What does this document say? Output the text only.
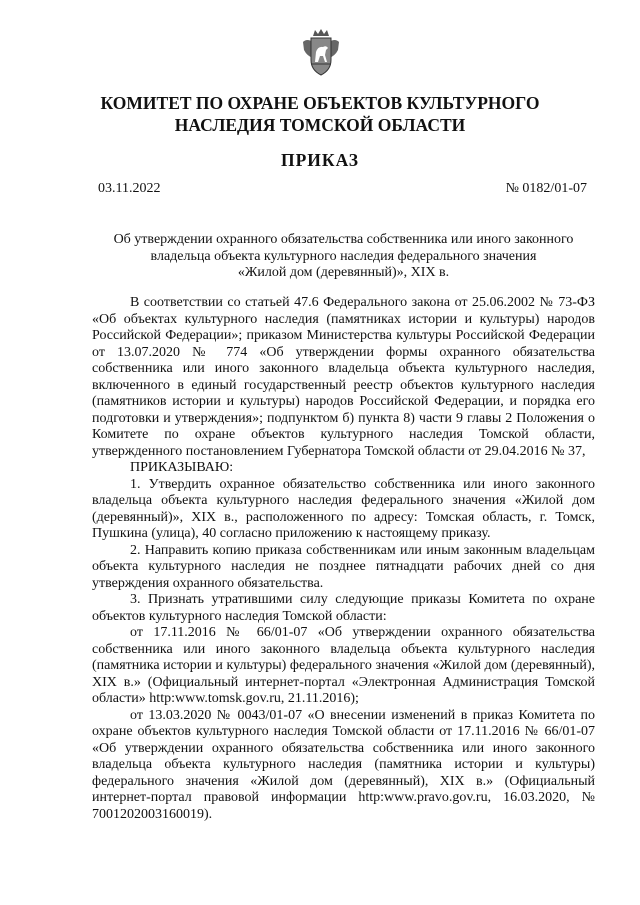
КОМИТЕТ ПО ОХРАНЕ ОБЪЕКТОВ КУЛЬТУРНОГО
НАСЛЕДИЯ ТОМСКОЙ ОБЛАСТИ
ПРИКАЗ
03.11.2022	№ 0182/01-07
Об утверждении охранного обязательства собственника или иного законного
владельца объекта культурного наследия федерального значения
«Жилой дом (деревянный)», XIX в.

В соответствии со статьей 47.6 Федерального закона от 25.06.2002 № 73-ФЗ «Об объектах культурного наследия (памятниках истории и культуры) народов Российской Федерации»; приказом Министерства культуры Российской Федерации от 13.07.2020 № 774 «Об утверждении формы охранного обязательства собственника или иного законного владельца объекта культурного наследия, включенного в единый государственный реестр объектов культурного наследия (памятников истории и культуры) народов Российской Федерации, и порядка его подготовки и утверждения»; подпунктом б) пункта 8) части 9 главы 2 Положения о Комитете по охране объектов культурного наследия Томской области, утвержденного постановлением Губернатора Томской области от 29.04.2016 № 37,

ПРИКАЗЫВАЮ:

1. Утвердить охранное обязательство собственника или иного законного владельца объекта культурного наследия федерального значения «Жилой дом (деревянный)», XIX в., расположенного по адресу: Томская область, г. Томск, Пушкина (улица), 40 согласно приложению к настоящему приказу.

2. Направить копию приказа собственникам или иным законным владельцам объекта культурного наследия не позднее пятнадцати рабочих дней со дня утверждения охранного обязательства.

3. Признать утратившими силу следующие приказы Комитета по охране объектов культурного наследия Томской области:

от 17.11.2016 № 66/01-07 «Об утверждении охранного обязательства собственника или иного законного владельца объекта культурного наследия (памятника истории и культуры) федерального значения «Жилой дом (деревянный), XIX в.» (Официальный интернет-портал «Электронная Администрация Томской области» http:www.tomsk.gov.ru, 21.11.2016);

от 13.03.2020 № 0043/01-07 «О внесении изменений в приказ Комитета по охране объектов культурного наследия Томской области от 17.11.2016 № 66/01-07 «Об утверждении охранного обязательства собственника или иного законного владельца объекта культурного наследия (памятника истории и культуры) федерального значения «Жилой дом (деревянный), XIX в.» (Официальный интернет-портал правовой информации http:www.pravo.gov.ru, 16.03.2020, № 7001202003160019).
